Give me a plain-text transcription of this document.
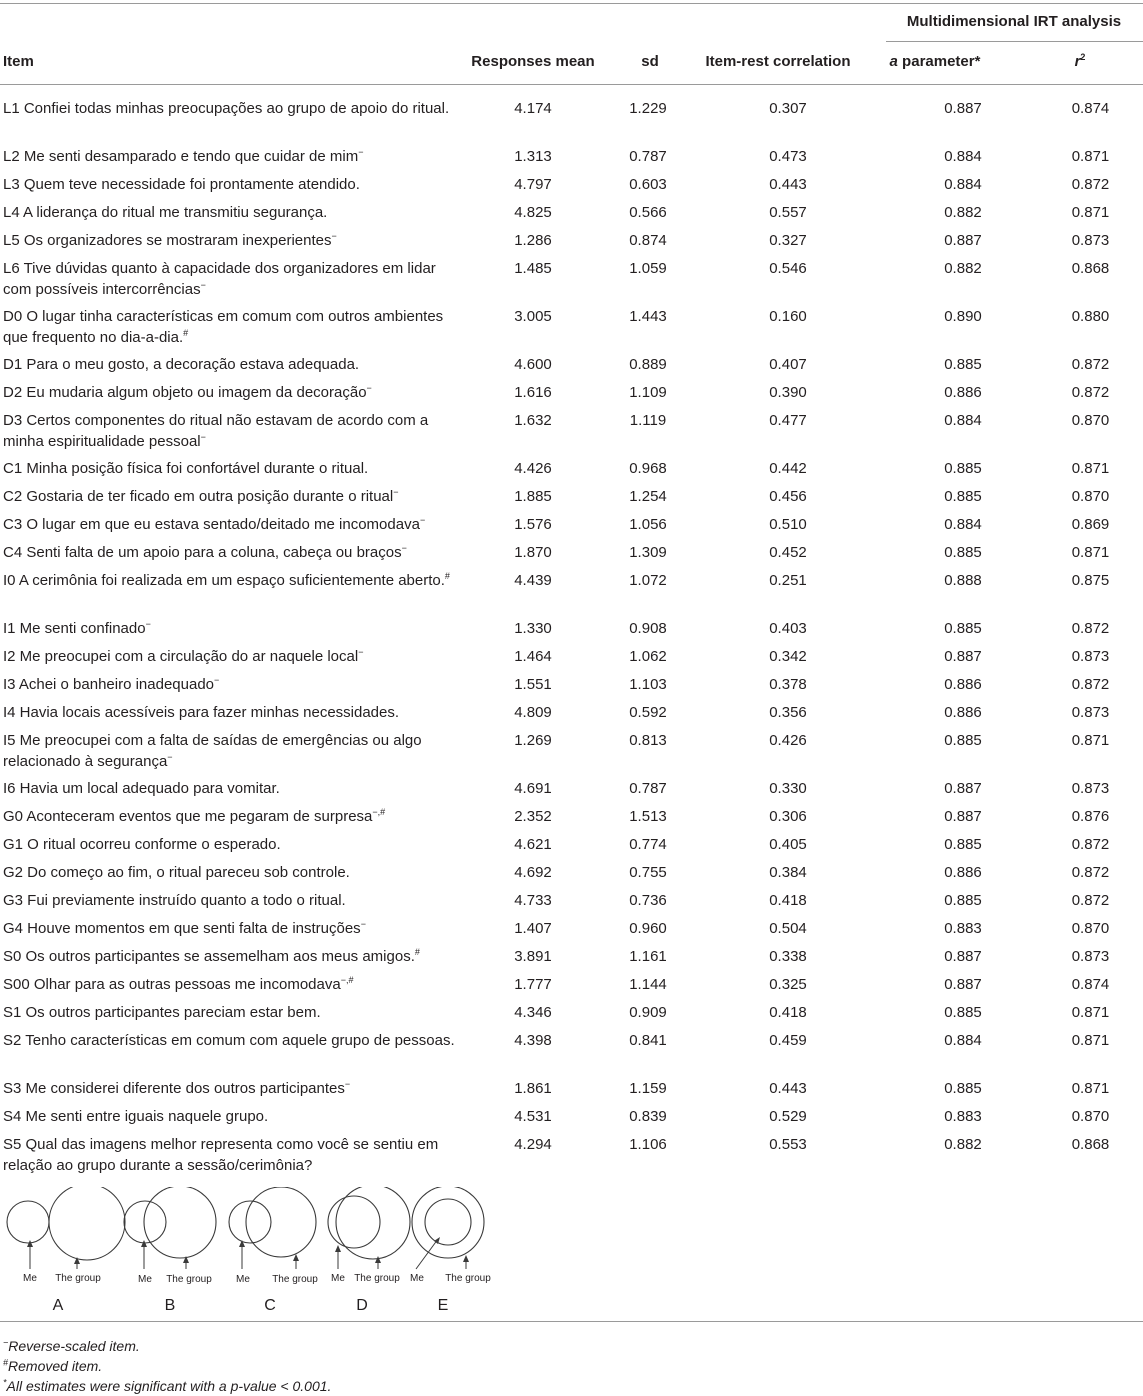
Multidimensional IRT analysis
Item	Responses mean	sd	Item-rest correlation	a parameter*	$r^2$
L1 Confiei todas minhas preocupações ao grupo de apoio do ritual.	4.174	1.229	0.307	0.887	0.874
L2 Me senti desamparado e tendo que cuidar de mim−	1.313	0.787	0.473	0.884	0.871
L3 Quem teve necessidade foi prontamente atendido.	4.797	0.603	0.443	0.884	0.872
L4 A liderança do ritual me transmitiu segurança.	4.825	0.566	0.557	0.882	0.871
L5 Os organizadores se mostraram inexperientes−	1.286	0.874	0.327	0.887	0.873
L6 Tive dúvidas quanto à capacidade dos organizadores em lidar com possíveis intercorrências−	1.485	1.059	0.546	0.882	0.868
D0 O lugar tinha características em comum com outros ambientes que frequento no dia-a-dia.#	3.005	1.443	0.160	0.890	0.880
D1 Para o meu gosto, a decoração estava adequada.	4.600	0.889	0.407	0.885	0.872
D2 Eu mudaria algum objeto ou imagem da decoração−	1.616	1.109	0.390	0.886	0.872
D3 Certos componentes do ritual não estavam de acordo com a minha espiritualidade pessoal−	1.632	1.119	0.477	0.884	0.870
C1 Minha posição física foi confortável durante o ritual.	4.426	0.968	0.442	0.885	0.871
C2 Gostaria de ter ficado em outra posição durante o ritual−	1.885	1.254	0.456	0.885	0.870
C3 O lugar em que eu estava sentado/deitado me incomodava−	1.576	1.056	0.510	0.884	0.869
C4 Senti falta de um apoio para a coluna, cabeça ou braços−	1.870	1.309	0.452	0.885	0.871
I0 A cerimônia foi realizada em um espaço suficientemente aberto.#	4.439	1.072	0.251	0.888	0.875
I1 Me senti confinado−	1.330	0.908	0.403	0.885	0.872
I2 Me preocupei com a circulação do ar naquele local−	1.464	1.062	0.342	0.887	0.873
I3 Achei o banheiro inadequado−	1.551	1.103	0.378	0.886	0.872
I4 Havia locais acessíveis para fazer minhas necessidades.	4.809	0.592	0.356	0.886	0.873
I5 Me preocupei com a falta de saídas de emergências ou algo relacionado à segurança−	1.269	0.813	0.426	0.885	0.871
I6 Havia um local adequado para vomitar.	4.691	0.787	0.330	0.887	0.873
G0 Aconteceram eventos que me pegaram de surpresa−,#	2.352	1.513	0.306	0.887	0.876
G1 O ritual ocorreu conforme o esperado.	4.621	0.774	0.405	0.885	0.872
G2 Do começo ao fim, o ritual pareceu sob controle.	4.692	0.755	0.384	0.886	0.872
G3 Fui previamente instruído quanto a todo o ritual.	4.733	0.736	0.418	0.885	0.872
G4 Houve momentos em que senti falta de instruções−	1.407	0.960	0.504	0.883	0.870
S0 Os outros participantes se assemelham aos meus amigos.#	3.891	1.161	0.338	0.887	0.873
S00 Olhar para as outras pessoas me incomodava−,#	1.777	1.144	0.325	0.887	0.874
S1 Os outros participantes pareciam estar bem.	4.346	0.909	0.418	0.885	0.871
S2 Tenho características em comum com aquele grupo de pessoas.	4.398	0.841	0.459	0.884	0.871
S3 Me considerei diferente dos outros participantes−	1.861	1.159	0.443	0.885	0.871
S4 Me senti entre iguais naquele grupo.	4.531	0.839	0.529	0.883	0.870
S5 Qual das imagens melhor representa como você se sentiu em relação ao grupo durante a sessão/cerimônia?	4.294	1.106	0.553	0.882	0.868
Me The group	Me The group Me The group Me The group Me The group
A	B	C	D	E
−Reverse-scaled item.
#Removed item.
*All estimates were significant with a p-value < 0.001.
